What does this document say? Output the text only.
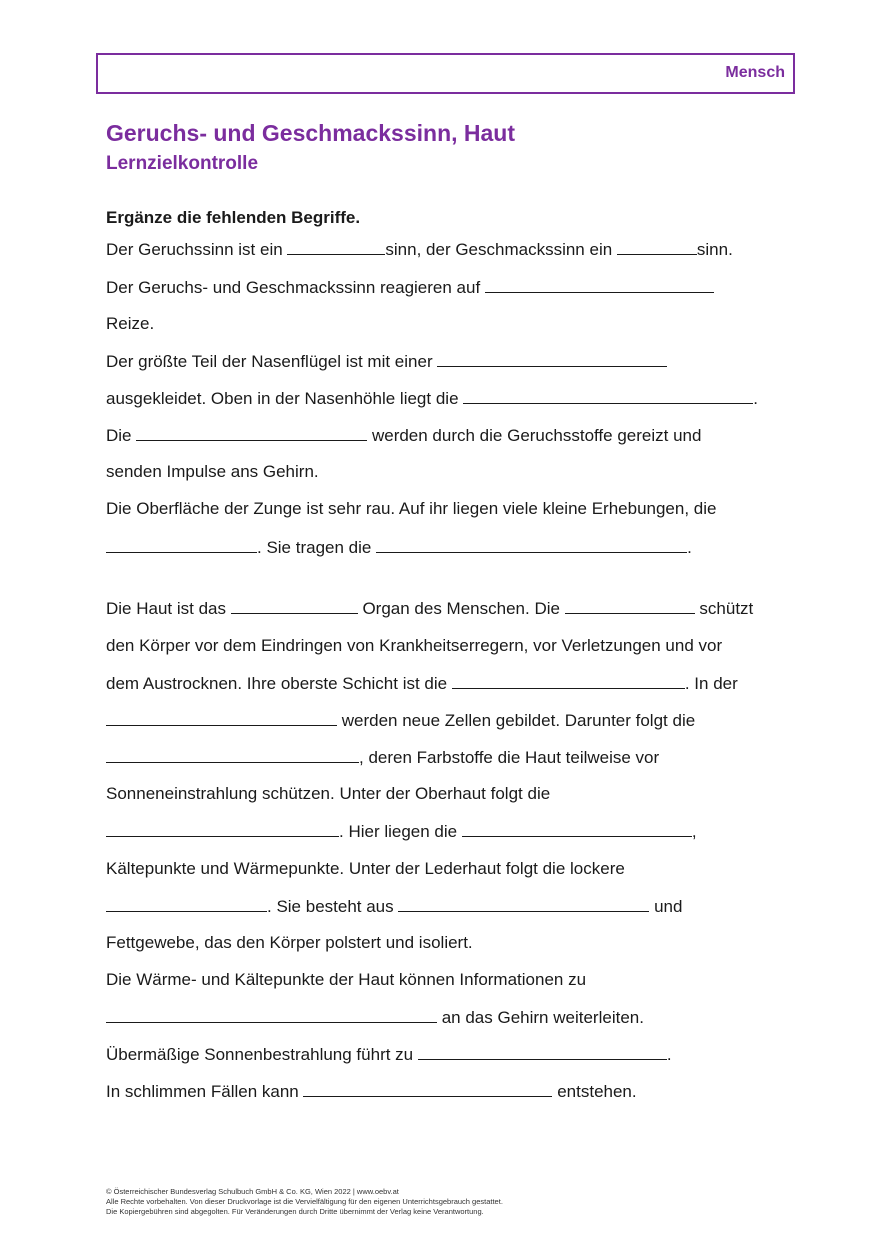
Mensch
Geruchs- und Geschmackssinn, Haut
Lernzielkontrolle

Ergänze die fehlenden Begriffe.

Der Geruchssinn ist ein	sinn, der Geschmackssinn ein	sinn.

Der Geruchs- und Geschmackssinn reagieren auf

Reize.

Der größte Teil der Nasenflügel ist mit einer

ausgekleidet. Oben in der Nasenhöhle liegt die	.

Die	werden durch die Geruchsstoffe gereizt und

senden Impulse ans Gehirn.

Die Oberfläche der Zunge ist sehr rau. Auf ihr liegen viele kleine Erhebungen, die

. Sie tragen die	.

Die Haut ist das	Organ des Menschen. Die	schützt

den Körper vor dem Eindringen von Krankheitserregern, vor Verletzungen und vor

dem Austrocknen. Ihre oberste Schicht ist die	. In der

werden neue Zellen gebildet. Darunter folgt die

, deren Farbstoffe die Haut teilweise vor

Sonneneinstrahlung schützen. Unter der Oberhaut folgt die

. Hier liegen die	,

Kältepunkte und Wärmepunkte. Unter der Lederhaut folgt die lockere

. Sie besteht aus	und

Fettgewebe, das den Körper polstert und isoliert.

Die Wärme- und Kältepunkte der Haut können Informationen zu

an das Gehirn weiterleiten.

Übermäßige Sonnenbestrahlung führt zu	.

In schlimmen Fällen kann	entstehen.

© Österreichischer Bundesverlag Schulbuch GmbH & Co. KG, Wien 2022 | www.oebv.at
Alle Rechte vorbehalten. Von dieser Druckvorlage ist die Vervielfältigung für den eigenen Unterrichtsgebrauch gestattet.
Die Kopiergebühren sind abgegolten. Für Veränderungen durch Dritte übernimmt der Verlag keine Verantwortung.
